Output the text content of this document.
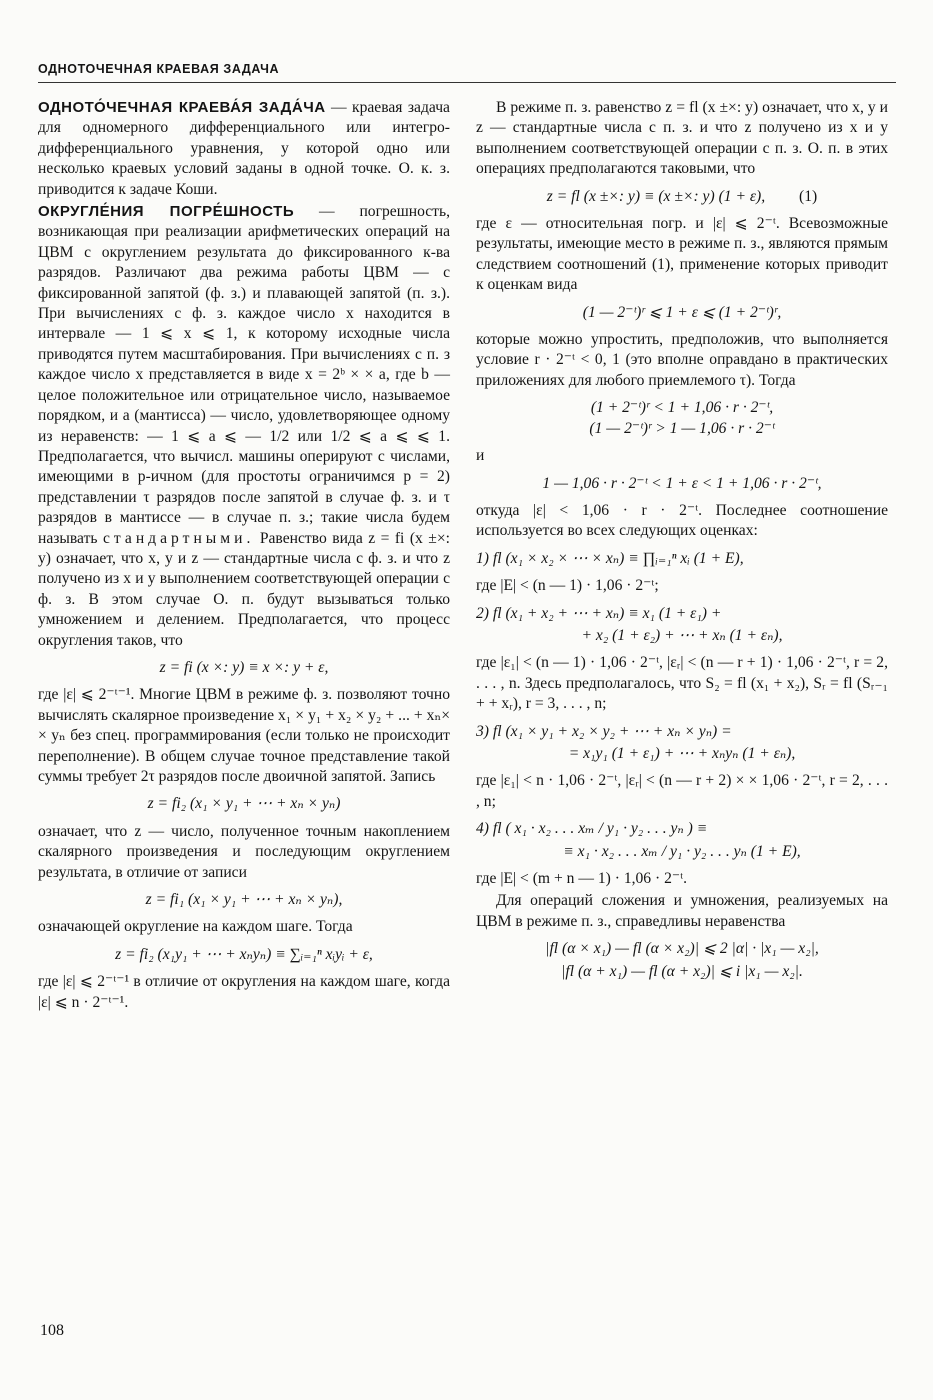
ОДНОТОЧЕЧНАЯ КРАЕВАЯ ЗАДАЧА

ОДНОТО́ЧЕЧНАЯ КРАЕВА́Я ЗАДА́ЧА — краевая задача для одномерного дифференциального или интегро-дифференциального уравнения, у которой одно или несколько краевых условий заданы в одной точке. О. к. з. приводится к задаче Коши.

ОКРУГЛЕ́НИЯ ПОГРЕ́ШНОСТЬ — погрешность, возникающая при реализации арифметических операций на ЦВМ с округлением результата до фиксированного к-ва разрядов. Различают два режима работы ЦВМ — с фиксированной запятой (ф. з.) и плавающей запятой (п. з.). При вычислениях с ф. з. каждое число x находится в интервале — 1 ⩽ x ⩽ 1, к которому исходные числа приводятся путем масштабирования. При вычислениях с п. з каждое число x представляется в виде x = 2ᵇ × × a, где b — целое положительное или отрицательное число, называемое порядком, и a (мантисса) — число, удовлетворяющее одному из неравенств: — 1 ⩽ a ⩽ — 1/2 или 1/2 ⩽ a ⩽ ⩽ 1. Предполагается, что вычисл. машины оперируют с числами, имеющими в p-ичном (для простоты ограничимся p = 2) представлении τ разрядов после запятой в случае ф. з. и τ разрядов в мантиссе — в случае п. з.; такие числа будем называть стандартными. Равенство вида z = fi (x ±×: y) означает, что x, y и z — стандартные числа с ф. з. и что z получено из x и y выполнением соответствующей операции с ф. з. В этом случае О. п. будут вызываться только умножением и делением. Предполагается, что процесс округления таков, что

z = fi (x ×: y) ≡ x ×: y + ε,

где |ε| ⩽ 2⁻ᵗ⁻¹. Многие ЦВМ в режиме ф. з. позволяют точно вычислять скалярное произведение x₁ × y₁ + x₂ × y₂ + ... + xₙ× × yₙ без спец. программирования (если только не происходит переполнение). В общем случае точное представление такой суммы требует 2τ разрядов после двоичной запятой. Запись

z = fi₂ (x₁ × y₁ + ⋯ + xₙ × yₙ)

означает, что z — число, полученное точным накоплением скалярного произведения и последующим округлением результата, в отличие от записи

z = fi₁ (x₁ × y₁ + ⋯ + xₙ × yₙ),

означающей округление на каждом шаге. Тогда

z = fi₂ (x₁y₁ + ⋯ + xₙyₙ) ≡ ∑ᵢ₌₁ⁿ xᵢyᵢ + ε,

где |ε| ⩽ 2⁻ᵗ⁻¹ в отличие от округления на каждом шаге, когда |ε| ⩽ n · 2⁻ᵗ⁻¹.

В режиме п. з. равенство z = fl (x ±×: y) означает, что x, y и z — стандартные числа с п. з. и что z получено из x и y выполнением соответствующей операции с п. з. О. п. в этих операциях предполагаются таковыми, что

z = fl (x ±×: y) ≡ (x ±×: y) (1 + ε), (1)

где ε — относительная погр. и |ε| ⩽ 2⁻ᵗ. Всевозможные результаты, имеющие место в режиме п. з., являются прямым следствием соотношений (1), применение которых приводит к оценкам вида

(1 — 2⁻ᵗ)ʳ ⩽ 1 + ε ⩽ (1 + 2⁻ᵗ)ʳ,

которые можно упростить, предположив, что выполняется условие r · 2⁻ᵗ < 0, 1 (это вполне оправдано в практических приложениях для любого приемлемого τ). Тогда

(1 + 2⁻ᵗ)ʳ < 1 + 1,06 · r · 2⁻ᵗ,
(1 — 2⁻ᵗ)ʳ > 1 — 1,06 · r · 2⁻ᵗ

и

1 — 1,06 · r · 2⁻ᵗ < 1 + ε < 1 + 1,06 · r · 2⁻ᵗ,

откуда |ε| < 1,06 · r · 2⁻ᵗ. Последнее соотношение используется во всех следующих оценках:

1) fl (x₁ × x₂ × ⋯ × xₙ) ≡ ∏ᵢ₌₁ⁿ xᵢ (1 + E),

где |E| < (n — 1) · 1,06 · 2⁻ᵗ;

2) fl (x₁ + x₂ + ⋯ + xₙ) ≡ x₁ (1 + ε₁) +
+ x₂ (1 + ε₂) + ⋯ + xₙ (1 + εₙ),

где |ε₁| < (n — 1) · 1,06 · 2⁻ᵗ, |εᵣ| < (n — r + 1) · 1,06 · 2⁻ᵗ, r = 2, . . . , n. Здесь предполагалось, что S₂ = fl (x₁ + x₂), Sᵣ = fl (Sᵣ₋₁ + + xᵣ), r = 3, . . . , n;

3) fl (x₁ × y₁ + x₂ × y₂ + ⋯ + xₙ × yₙ) =
= x₁y₁ (1 + ε₁) + ⋯ + xₙyₙ (1 + εₙ),

где |ε₁| < n · 1,06 · 2⁻ᵗ, |εᵣ| < (n — r + 2) × × 1,06 · 2⁻ᵗ, r = 2, . . . , n;

4) fl ( x₁ · x₂ . . . xₘ / y₁ · y₂ . . . yₙ ) ≡
≡ x₁ · x₂ . . . xₘ / y₁ · y₂ . . . yₙ (1 + E),

где |E| < (m + n — 1) · 1,06 · 2⁻ᵗ.

Для операций сложения и умножения, реализуемых на ЦВМ в режиме п. з., справедливы неравенства

|fl (α × x₁) — fl (α × x₂)| ⩽ 2 |α| · |x₁ — x₂|,
|fl (α + x₁) — fl (α + x₂)| ⩽ i |x₁ — x₂|.
108
